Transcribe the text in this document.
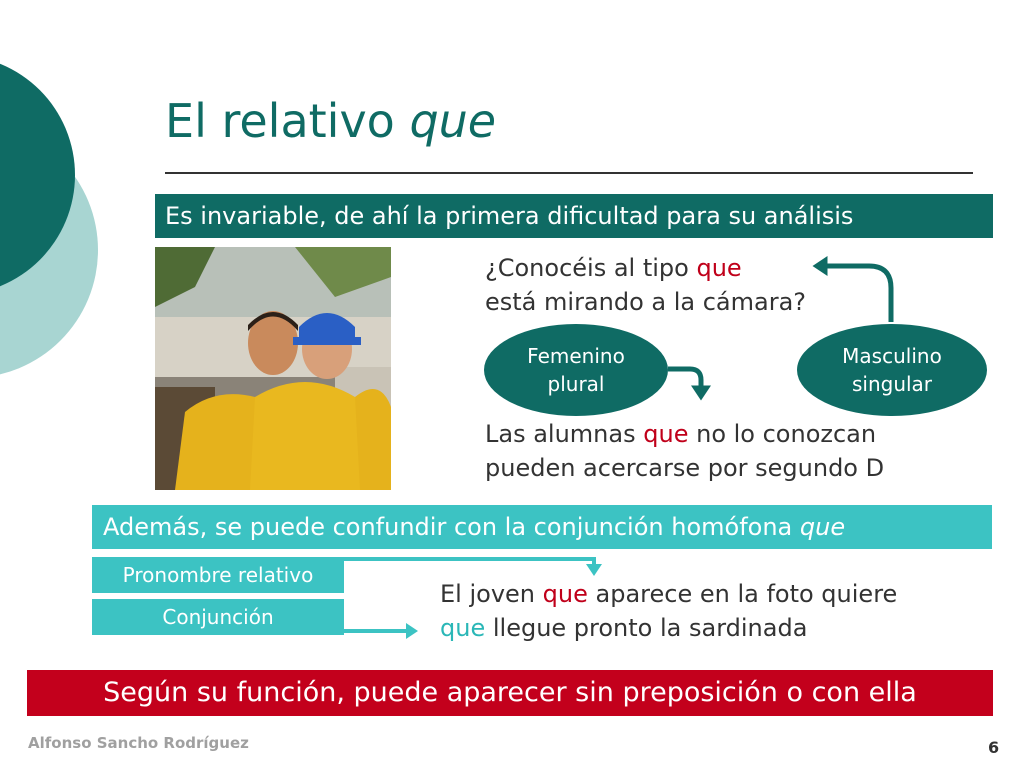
El relativo que
Es invariable, de ahí la primera dificultad para su análisis
¿Conocéis al tipo que
está mirando a la cámara?
Femenino
plural
Masculino
singular
Las alumnas que no lo conozcan
pueden acercarse por segundo D
Además, se puede confundir con la conjunción homófona que
Pronombre relativo
Conjunción
El joven que aparece en la foto quiere
que llegue pronto la sardinada
Según su función, puede aparecer sin preposición o con ella
Alfonso Sancho Rodríguez	6
